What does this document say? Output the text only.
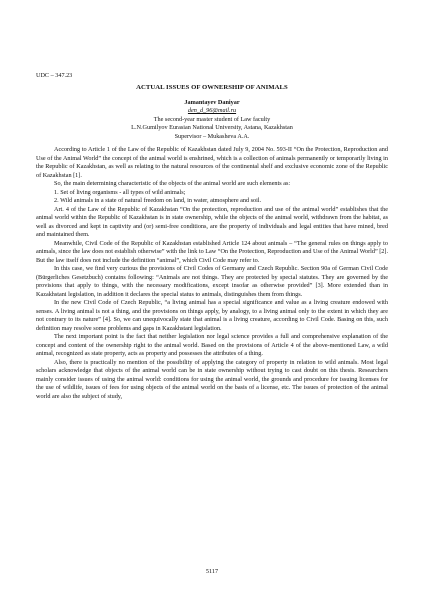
UDC – 347.23
ACTUAL ISSUES OF OWNERSHIP OF ANIMALS
Jamantayev Daniyar
den_d_96@mail.ru
The second-year master student of Law faculty
L.N.Gumilyov Eurasian National University, Astana, Kazakhstan
Supervisor – Mukasheva A.A.

According to Article 1 of the Law of the Republic of Kazakhstan dated July 9, 2004 No. 593-II “On the Protection, Reproduction and Use of the Animal World” the concept of the animal world is enshrined, which is a collection of animals permanently or temporarily living in the Republic of Kazakhstan, as well as relating to the natural resources of the continental shelf and exclusive economic zone of the Republic of Kazakhstan [1].

So, the main determining characteristic of the objects of the animal world are such elements as:

1. Set of living organisms - all types of wild animals;

2. Wild animals in a state of natural freedom on land, in water, atmosphere and soil.

Art. 4 of the Law of the Republic of Kazakhstan “On the protection, reproduction and use of the animal world” establishes that the animal world within the Republic of Kazakhstan is in state ownership, while the objects of the animal world, withdrawn from the habitat, as well as divorced and kept in captivity and (or) semi-free conditions, are the property of individuals and legal entities that have mined, bred and maintained them.

Meanwhile, Civil Code of the Republic of Kazakhstan established Article 124 about animals – “The general rules on things apply to animals, since the law does not establish otherwise” with the link to Law “On the Protection, Reproduction and Use of the Animal World” [2]. But the law itself does not include the definition “animal”, which Civil Code may refer to.

In this case, we find very curious the provisions of Civil Codes of Germany and Czech Republic. Section 90a of German Civil Code (Bürgerliches Gesetzbuch) contains following: “Animals are not things. They are protected by special statutes. They are governed by the provisions that apply to things, with the necessary modifications, except insofar as otherwise provided” [3]. More extended than in Kazakhstani legislation, in addition it declares the special status to animals, distinguishes them from things.

In the new Civil Code of Czech Republic, “a living animal has a special significance and value as a living creature endowed with senses. A living animal is not a thing, and the provisions on things apply, by analogy, to a living animal only to the extent in which they are not contrary to its nature” [4]. So, we can unequivocally state that animal is a living creature, according to Civil Code. Basing on this, such definition may resolve some problems and gaps in Kazakhstani legislation.

The next important point is the fact that neither legislation nor legal science provides a full and comprehensive explanation of the concept and content of the ownership right to the animal world. Based on the provisions of Article 4 of the above-mentioned Law, a wild animal, recognized as state property, acts as property and possesses the attributes of a thing.

Also, there is practically no mention of the possibility of applying the category of property in relation to wild animals. Most legal scholars acknowledge that objects of the animal world can be in state ownership without trying to cast doubt on this thesis. Researchers mainly consider issues of using the animal world: conditions for using the animal world, the grounds and procedure for issuing licenses for the use of wildlife, issues of fees for using objects of the animal world on the basis of a license, etc. The issues of protection of the animal world are also the subject of study,

5117
